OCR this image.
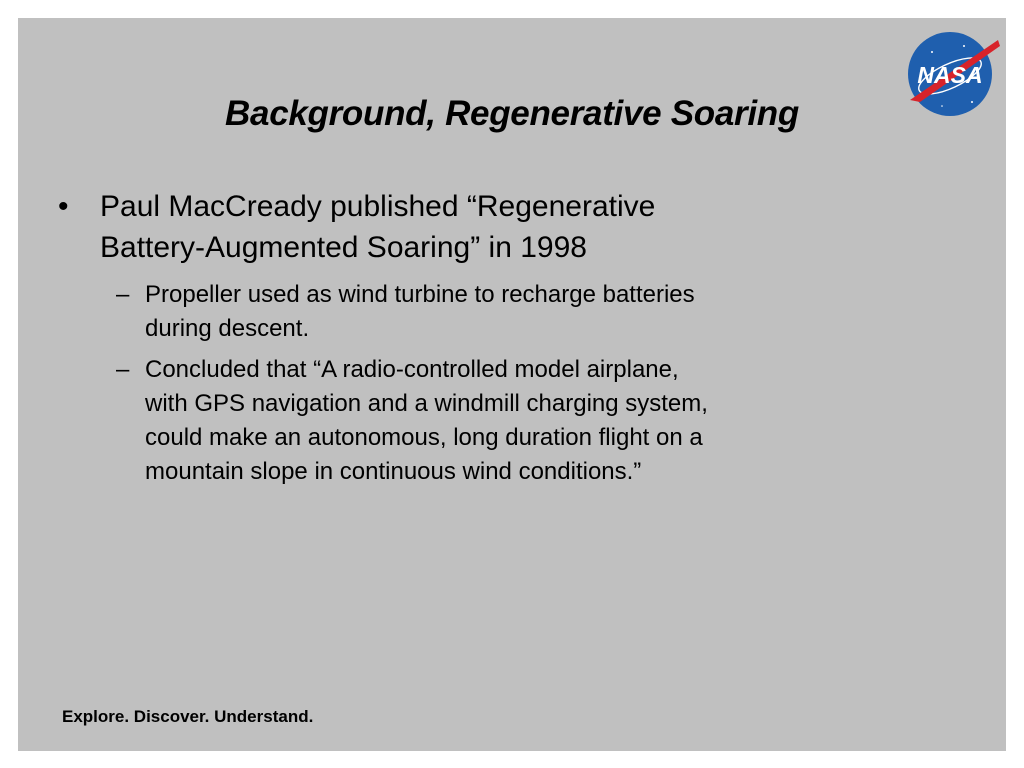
Background, Regenerative Soaring
NASA
• Paul MacCready published “Regenerative Battery-Augmented Soaring” in 1998
– Propeller used as wind turbine to recharge batteries during descent.
– Concluded that “A radio-controlled model airplane, with GPS navigation and a windmill charging system, could make an autonomous, long duration flight on a mountain slope in continuous wind conditions.”
Explore. Discover. Understand.
